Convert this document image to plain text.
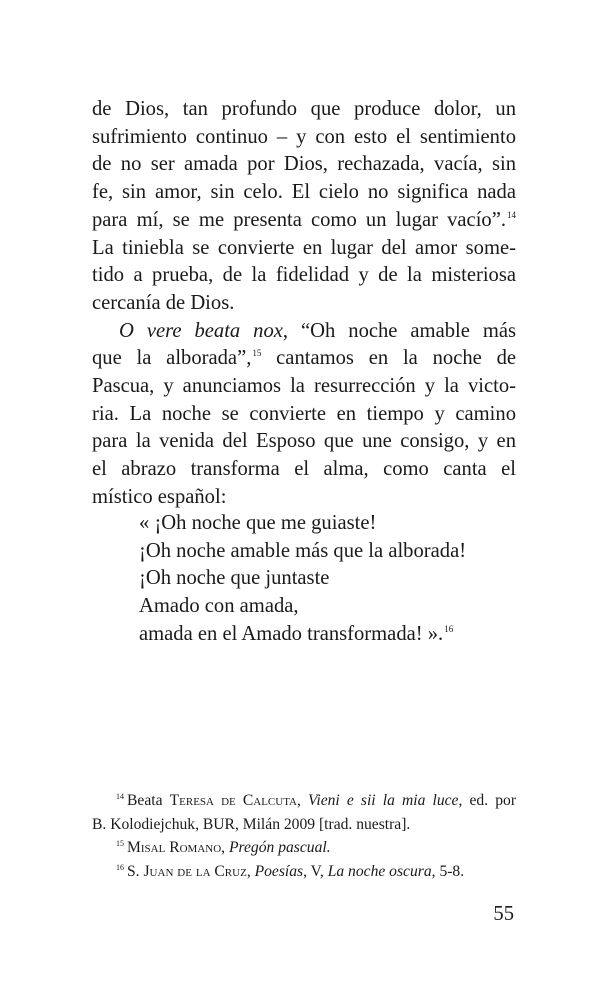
de Dios, tan profundo que produce dolor, un
sufrimiento continuo – y con esto el sentimiento
de no ser amada por Dios, rechazada, vacía, sin
fe, sin amor, sin celo. El cielo no significa nada
para mí, se me presenta como un lugar vacío”.$^{14}$
La tiniebla se convierte en lugar del amor some-
tido a prueba, de la fidelidad y de la misteriosa
cercanía de Dios.
O vere beata nox, “Oh noche amable más
que la alborada”,$^{15}$ cantamos en la noche de
Pascua, y anunciamos la resurrección y la victo-
ria. La noche se convierte en tiempo y camino
para la venida del Esposo que une consigo, y en
el abrazo transforma el alma, como canta el
místico español:
« ¡Oh noche que me guiaste!
¡Oh noche amable más que la alborada!
¡Oh noche que juntaste
Amado con amada,
amada en el Amado transformada! ».$^{16}$
$^{14}$ Beata Teresa de Calcuta, Vieni e sii la mia luce, ed. por
B. Kolodiejchuk, BUR, Milán 2009 [trad. nuestra].
$^{15}$ Misal Romano, Pregón pascual.
$^{16}$ S. Juan de la Cruz, Poesías, V, La noche oscura, 5-8.
55
